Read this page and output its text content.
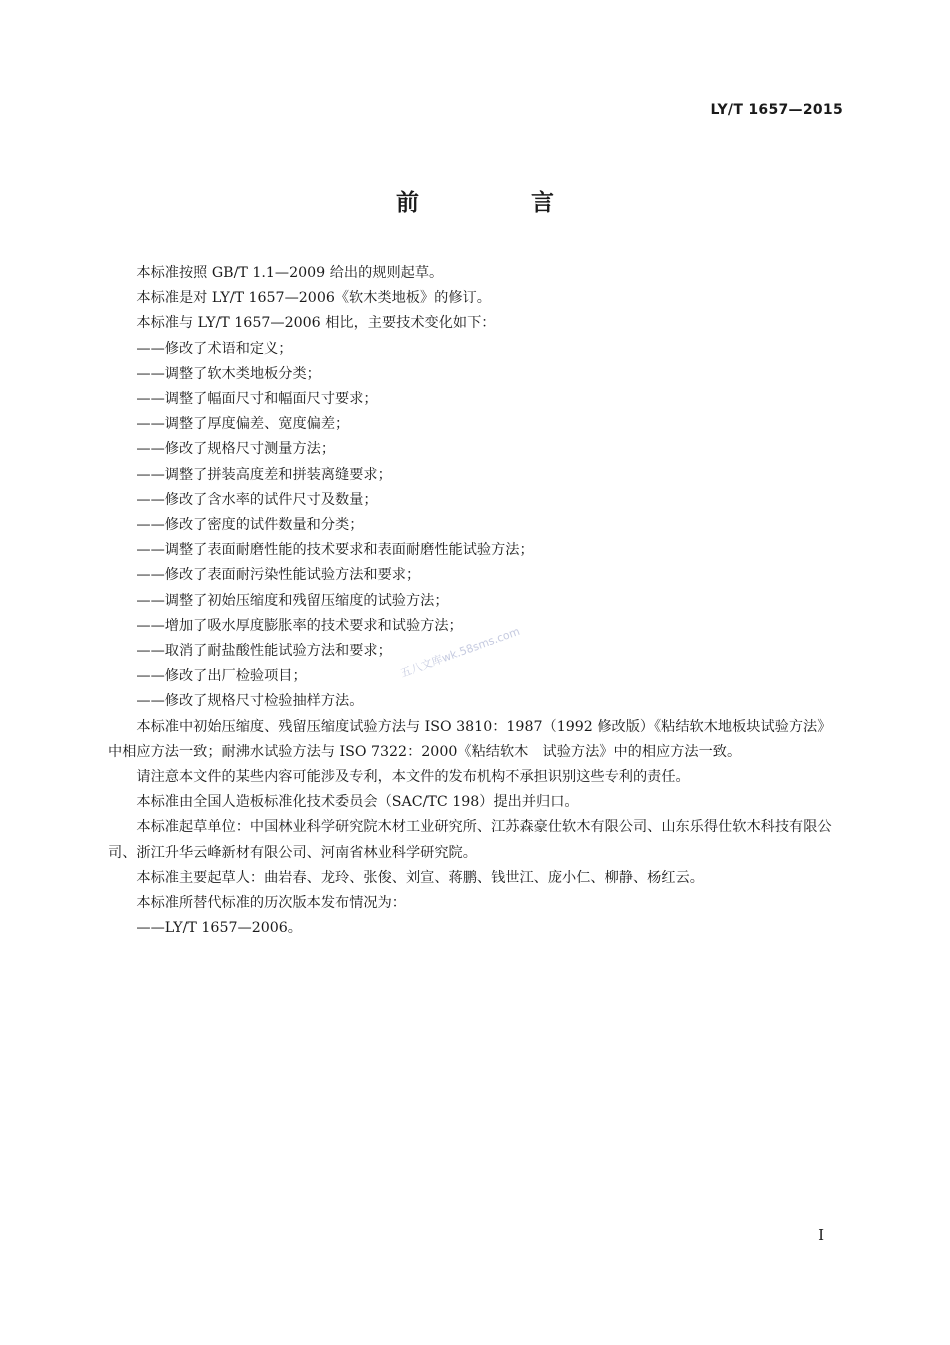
LY/T 1657—2015
前 言

本标准按照 GB/T 1.1—2009 给出的规则起草。

本标准是对 LY/T 1657—2006《软木类地板》的修订。

本标准与 LY/T 1657—2006 相比，主要技术变化如下：

—— 修改了术语和定义；

—— 调整了软木类地板分类；

—— 调整了幅面尺寸和幅面尺寸要求；

—— 调整了厚度偏差、宽度偏差；

—— 修改了规格尺寸测量方法；

—— 调整了拼装高度差和拼装离缝要求；

—— 修改了含水率的试件尺寸及数量；

—— 修改了密度的试件数量和分类；

—— 调整了表面耐磨性能的技术要求和表面耐磨性能试验方法；

—— 修改了表面耐污染性能试验方法和要求；

—— 调整了初始压缩度和残留压缩度的试验方法；

—— 增加了吸水厚度膨胀率的技术要求和试验方法；

—— 取消了耐盐酸性能试验方法和要求；

—— 修改了出厂检验项目；

—— 修改了规格尺寸检验抽样方法。

本标准中初始压缩度、残留压缩度试验方法与 ISO 3810：1987（1992 修改版）《粘结软木地板块试验方法》中相应方法一致；耐沸水试验方法与 ISO 7322：2000《粘结软木　试验方法》中的相应方法一致。

请注意本文件的某些内容可能涉及专利，本文件的发布机构不承担识别这些专利的责任。

本标准由全国人造板标准化技术委员会（SAC/TC 198）提出并归口。

本标准起草单位：中国林业科学研究院木材工业研究所、江苏森豪仕软木有限公司、山东乐得仕软木科技有限公司、浙江升华云峰新材有限公司、河南省林业科学研究院。

本标准主要起草人：曲岩春、龙玲、张俊、刘宣、蒋鹏、钱世江、庞小仁、柳静、杨红云。

本标准所替代标准的历次版本发布情况为：

—— LY/T 1657—2006。

五八文库wk.58sms.com
I
